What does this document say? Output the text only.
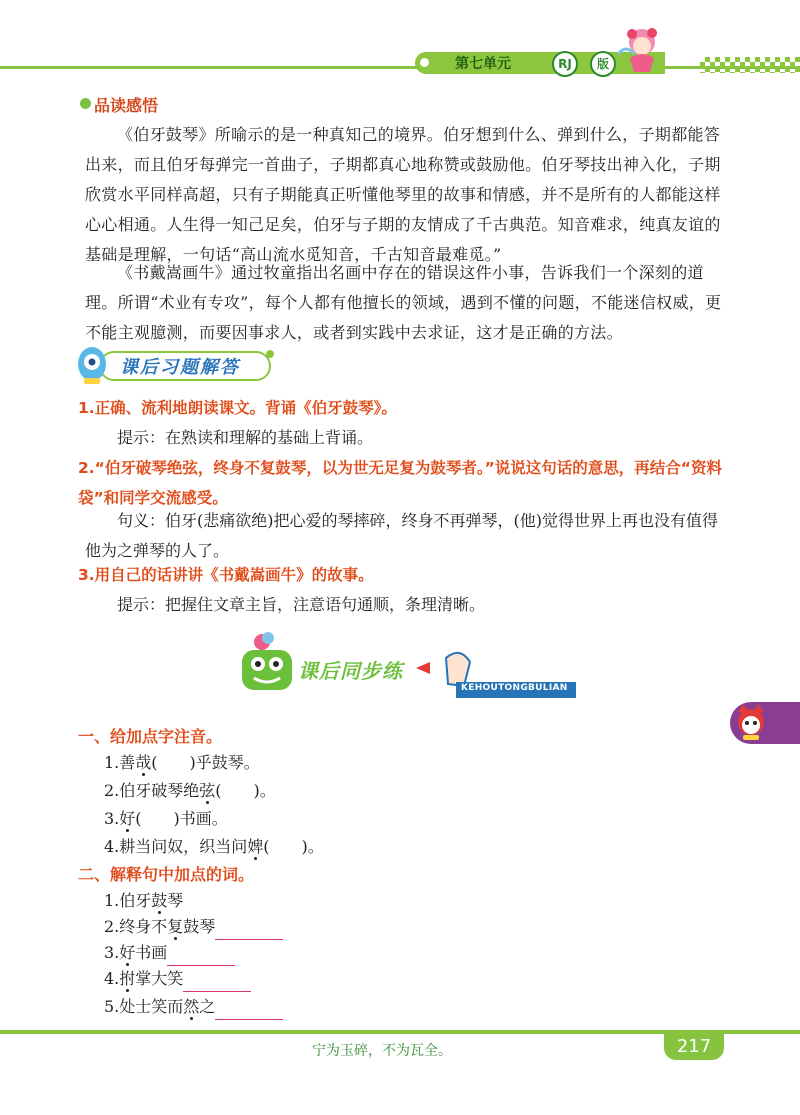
第七单元	RJ	版
品读感悟
《伯牙鼓琴》所喻示的是一种真知己的境界。伯牙想到什么、弹到什么，子期都能答出来，而且伯牙每弹完一首曲子，子期都真心地称赞或鼓励他。伯牙琴技出神入化，子期欣赏水平同样高超，只有子期能真正听懂他琴里的故事和情感，并不是所有的人都能这样心心相通。人生得一知己足矣，伯牙与子期的友情成了千古典范。知音难求，纯真友谊的基础是理解，一句话“高山流水觅知音，千古知音最难觅。”
《书戴嵩画牛》通过牧童指出名画中存在的错误这件小事，告诉我们一个深刻的道理。所谓“术业有专攻”，每个人都有他擅长的领域，遇到不懂的问题，不能迷信权威，更不能主观臆测，而要因事求人，或者到实践中去求证，这才是正确的方法。
课后习题解答
1.正确、流利地朗读课文。背诵《伯牙鼓琴》。
提示：在熟读和理解的基础上背诵。
2.“伯牙破琴绝弦，终身不复鼓琴，以为世无足复为鼓琴者。”说说这句话的意思，再结合“资料袋”和同学交流感受。
句义：伯牙(悲痛欲绝)把心爱的琴摔碎，终身不再弹琴，(他)觉得世界上再也没有值得他为之弹琴的人了。
3.用自己的话讲讲《书戴嵩画牛》的故事。
提示：把握住文章主旨，注意语句通顺，条理清晰。
课后同步练
KEHOUTONGBULIAN
一、给加点字注音。
1.善哉(　　)乎鼓琴。
2.伯牙破琴绝弦(　　)。
3.好(　　)书画。
4.耕当问奴，织当问婢(　　)。
二、解释句中加点的词。
1.伯牙鼓琴
2.终身不复鼓琴
3.好书画
4.拊掌大笑
5.处士笑而然之
宁为玉碎，不为瓦全。	217
